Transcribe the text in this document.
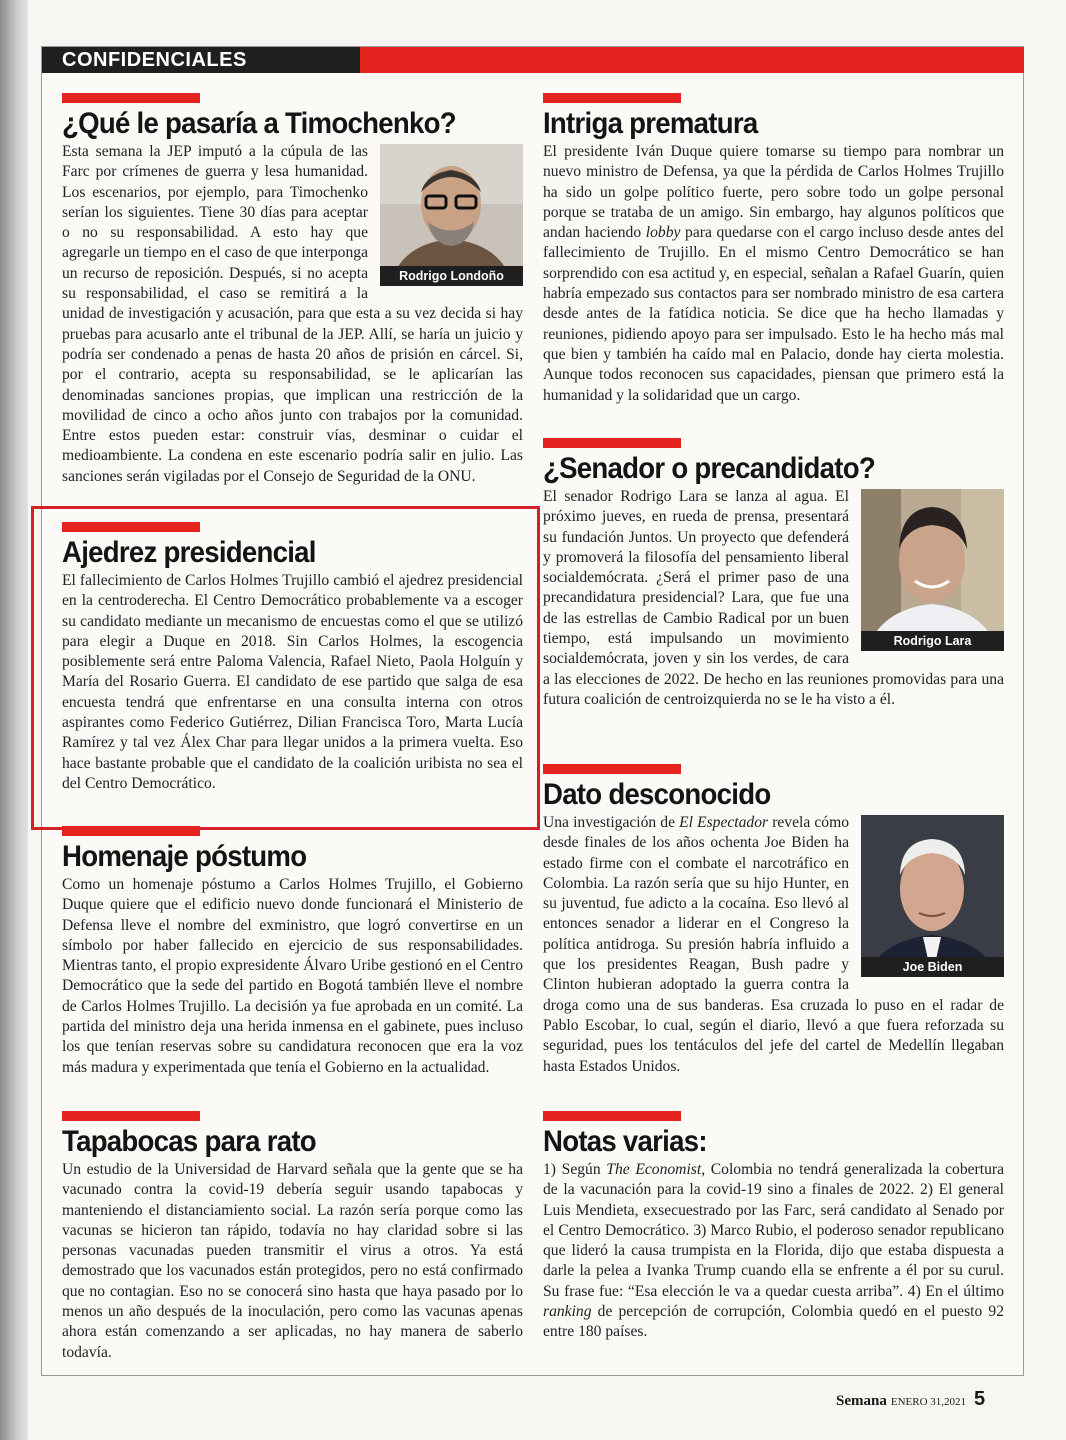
CONFIDENCIALES
¿Qué le pasaría a Timochenko?
Rodrigo Londoño
Esta semana la JEP imputó a la cúpula de las Farc por crímenes de guerra y lesa humanidad. Los escenarios, por ejemplo, para Timochenko serían los siguientes. Tiene 30 días para aceptar o no su responsabilidad. A esto hay que agregarle un tiempo en el caso de que interponga un recurso de reposición. Después, si no acepta su responsabilidad, el caso se remitirá a la unidad de investigación y acusación, para que esta a su vez decida si hay pruebas para acusarlo ante el tribunal de la JEP. Allí, se haría un juicio y podría ser condenado a penas de hasta 20 años de prisión en cárcel. Si, por el contrario, acepta su responsabilidad, se le aplicarían las denominadas sanciones propias, que implican una restricción de la movilidad de cinco a ocho años junto con trabajos por la comunidad. Entre estos pueden estar: construir vías, desminar o cuidar el medioambiente. La condena en este escenario podría salir en julio. Las sanciones serán vigiladas por el Consejo de Seguridad de la ONU.
Ajedrez presidencial
El fallecimiento de Carlos Holmes Trujillo cambió el ajedrez presidencial en la centroderecha. El Centro Democrático probablemente va a escoger su candidato mediante un mecanismo de encuestas como el que se utilizó para elegir a Duque en 2018. Sin Carlos Holmes, la escogencia posiblemente será entre Paloma Valencia, Rafael Nieto, Paola Holguín y María del Rosario Guerra. El candidato de ese partido que salga de esa encuesta tendrá que enfrentarse en una consulta interna con otros aspirantes como Federico Gutiérrez, Dilian Francisca Toro, Marta Lucía Ramírez y tal vez Álex Char para llegar unidos a la primera vuelta. Eso hace bastante probable que el candidato de la coalición uribista no sea el del Centro Democrático.
Homenaje póstumo
Como un homenaje póstumo a Carlos Holmes Trujillo, el Gobierno Duque quiere que el edificio nuevo donde funcionará el Ministerio de Defensa lleve el nombre del exministro, que logró convertirse en un símbolo por haber fallecido en ejercicio de sus responsabilidades. Mientras tanto, el propio expresidente Álvaro Uribe gestionó en el Centro Democrático que la sede del partido en Bogotá también lleve el nombre de Carlos Holmes Trujillo. La decisión ya fue aprobada en un comité. La partida del ministro deja una herida inmensa en el gabinete, pues incluso los que tenían reservas sobre su candidatura reconocen que era la voz más madura y experimentada que tenía el Gobierno en la actualidad.
Tapabocas para rato
Un estudio de la Universidad de Harvard señala que la gente que se ha vacunado contra la covid-19 debería seguir usando tapabocas y manteniendo el distanciamiento social. La razón sería porque como las vacunas se hicieron tan rápido, todavía no hay claridad sobre si las personas vacunadas pueden transmitir el virus a otros. Ya está demostrado que los vacunados están protegidos, pero no está confirmado que no contagian. Eso no se conocerá sino hasta que haya pasado por lo menos un año después de la inoculación, pero como las vacunas apenas ahora están comenzando a ser aplicadas, no hay manera de saberlo todavía.
Intriga prematura
El presidente Iván Duque quiere tomarse su tiempo para nombrar un nuevo ministro de Defensa, ya que la pérdida de Carlos Holmes Trujillo ha sido un golpe político fuerte, pero sobre todo un golpe personal porque se trataba de un amigo. Sin embargo, hay algunos políticos que andan haciendo lobby para quedarse con el cargo incluso desde antes del fallecimiento de Trujillo. En el mismo Centro Democrático se han sorprendido con esa actitud y, en especial, señalan a Rafael Guarín, quien habría empezado sus contactos para ser nombrado ministro de esa cartera desde antes de la fatídica noticia. Se dice que ha hecho llamadas y reuniones, pidiendo apoyo para ser impulsado. Esto le ha hecho más mal que bien y también ha caído mal en Palacio, donde hay cierta molestia. Aunque todos reconocen sus capacidades, piensan que primero está la humanidad y la solidaridad que un cargo.
¿Senador o precandidato?
Rodrigo Lara
El senador Rodrigo Lara se lanza al agua. El próximo jueves, en rueda de prensa, presentará su fundación Juntos. Un proyecto que defenderá y promoverá la filosofía del pensamiento liberal socialdemócrata. ¿Será el primer paso de una precandidatura presidencial? Lara, que fue una de las estrellas de Cambio Radical por un buen tiempo, está impulsando un movimiento socialdemócrata, joven y sin los verdes, de cara a las elecciones de 2022. De hecho en las reuniones promovidas para una futura coalición de centroizquierda no se le ha visto a él.
Dato desconocido
Joe Biden
Una investigación de El Espectador revela cómo desde finales de los años ochenta Joe Biden ha estado firme con el combate el narcotráfico en Colombia. La razón sería que su hijo Hunter, en su juventud, fue adicto a la cocaína. Eso llevó al entonces senador a liderar en el Congreso la política antidroga. Su presión habría influido a que los presidentes Reagan, Bush padre y Clinton hubieran adoptado la guerra contra la droga como una de sus banderas. Esa cruzada lo puso en el radar de Pablo Escobar, lo cual, según el diario, llevó a que fuera reforzada su seguridad, pues los tentáculos del jefe del cartel de Medellín llegaban hasta Estados Unidos.
Notas varias:
1) Según The Economist, Colombia no tendrá generalizada la cobertura de la vacunación para la covid-19 sino a finales de 2022. 2) El general Luis Mendieta, exsecuestrado por las Farc, será candidato al Senado por el Centro Democrático. 3) Marco Rubio, el poderoso senador republicano que lideró la causa trumpista en la Florida, dijo que estaba dispuesta a darle la pelea a Ivanka Trump cuando ella se enfrente a él por su curul. Su frase fue: “Esa elección le va a quedar cuesta arriba”. 4) En el último ranking de percepción de corrupción, Colombia quedó en el puesto 92 entre 180 países.
Semana ENERO 31,2021 5
